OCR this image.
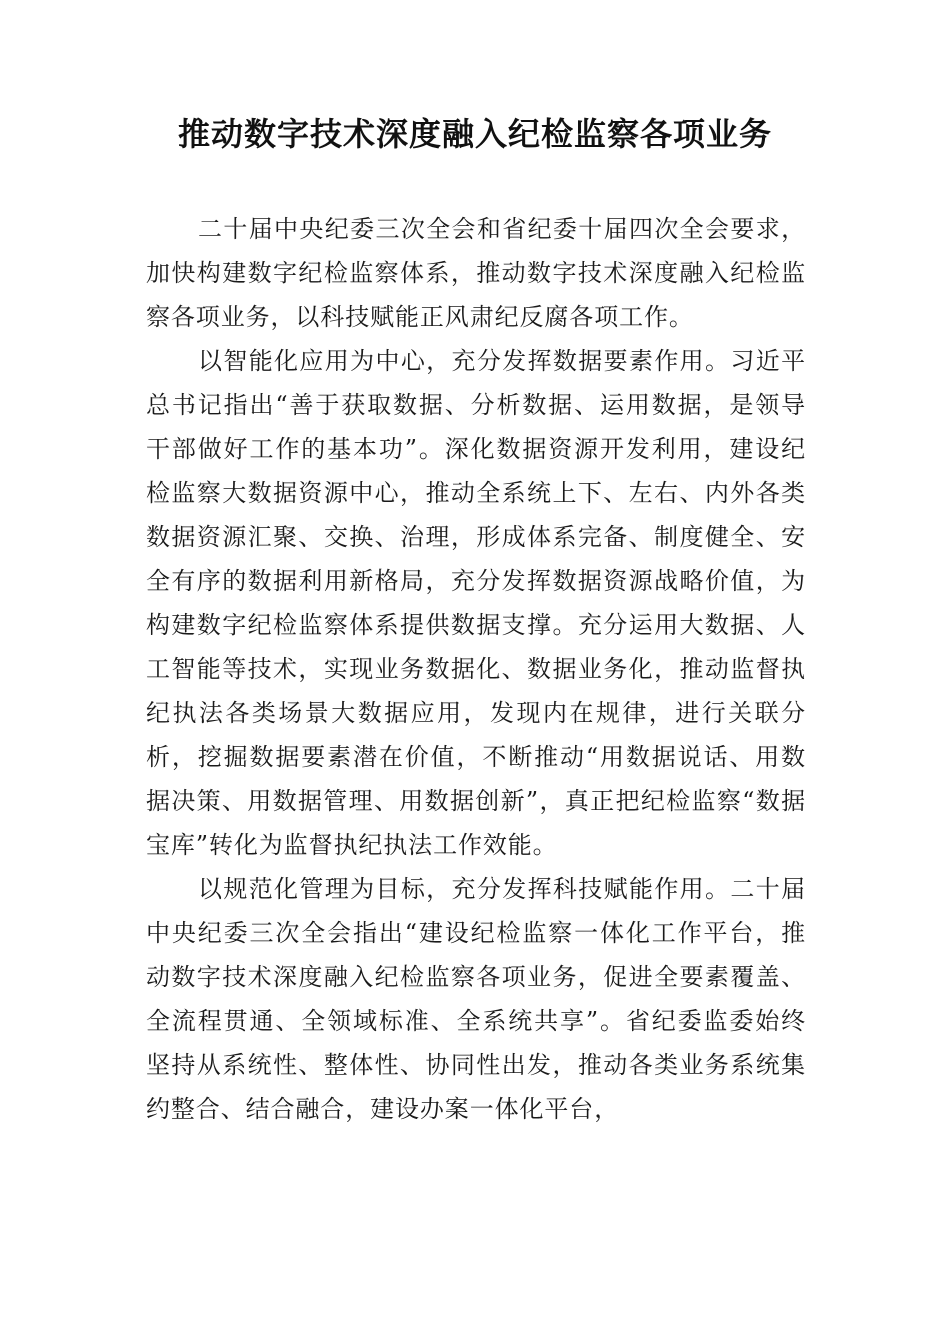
推动数字技术深度融入纪检监察各项业务

二十届中央纪委三次全会和省纪委十届四次全会要求，加快构建数字纪检监察体系，推动数字技术深度融入纪检监察各项业务，以科技赋能正风肃纪反腐各项工作。

以智能化应用为中心，充分发挥数据要素作用。习近平总书记指出“善于获取数据、分析数据、运用数据，是领导干部做好工作的基本功”。深化数据资源开发利用，建设纪检监察大数据资源中心，推动全系统上下、左右、内外各类数据资源汇聚、交换、治理，形成体系完备、制度健全、安全有序的数据利用新格局，充分发挥数据资源战略价值，为构建数字纪检监察体系提供数据支撑。充分运用大数据、人工智能等技术，实现业务数据化、数据业务化，推动监督执纪执法各类场景大数据应用，发现内在规律，进行关联分析，挖掘数据要素潜在价值，不断推动“用数据说话、用数据决策、用数据管理、用数据创新”，真正把纪检监察“数据宝库”转化为监督执纪执法工作效能。

以规范化管理为目标，充分发挥科技赋能作用。二十届中央纪委三次全会指出“建设纪检监察一体化工作平台，推动数字技术深度融入纪检监察各项业务，促进全要素覆盖、全流程贯通、全领域标准、全系统共享”。省纪委监委始终坚持从系统性、整体性、协同性出发，推动各类业务系统集约整合、结合融合，建设办案一体化平台，
